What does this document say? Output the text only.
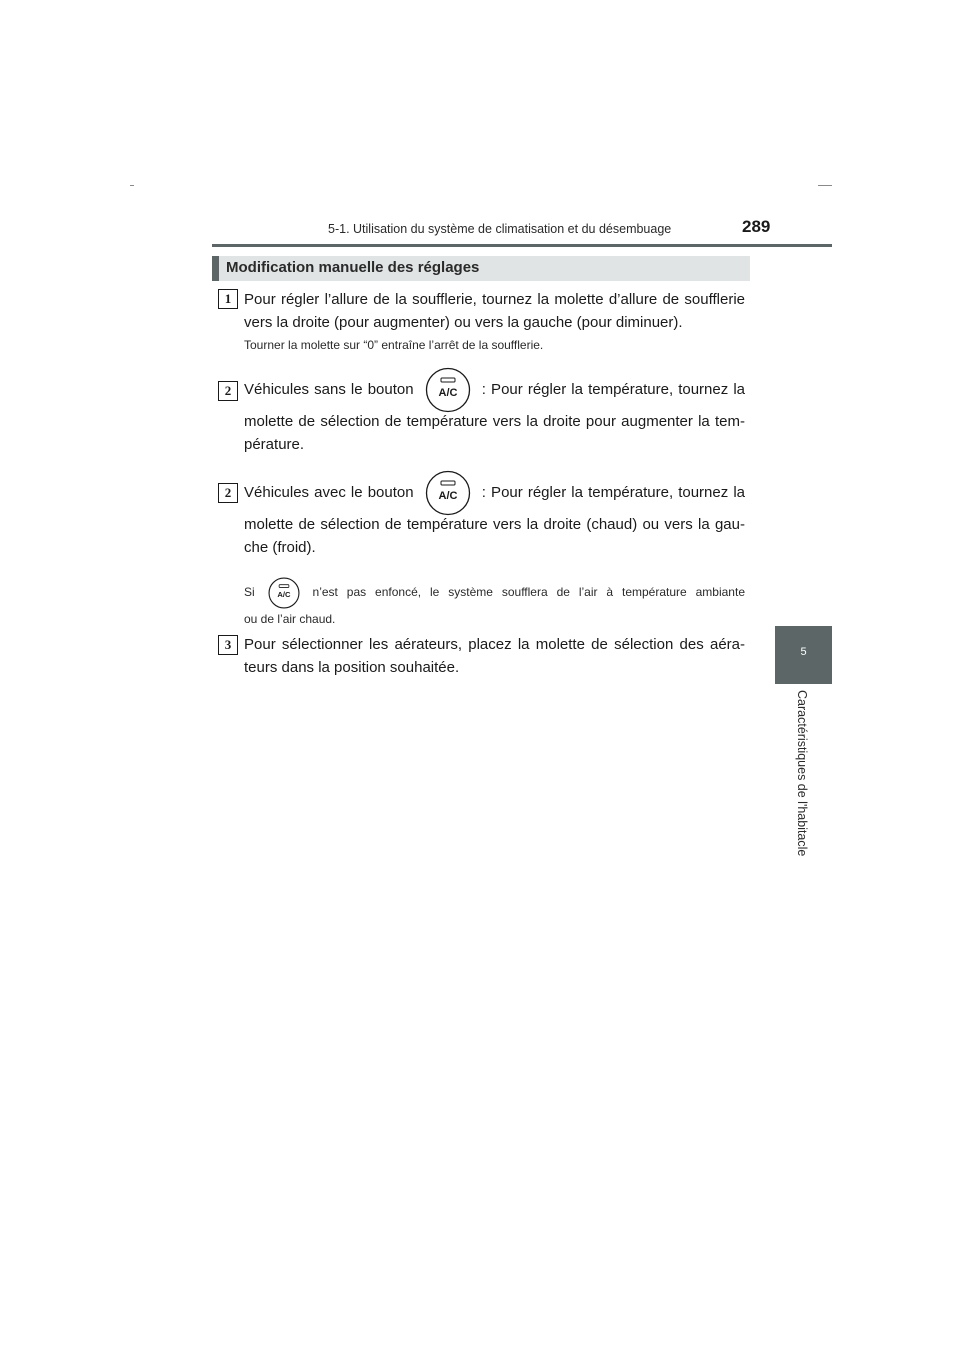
5-1. Utilisation du système de climatisation et du désembuage	289
5
Caractéristiques de l'habitacle
Modification manuelle des réglages
1 Pour régler l’allure de la soufflerie, tournez la molette d’allure de soufflerie
vers la droite (pour augmenter) ou vers la gauche (pour diminuer).
Tourner la molette sur “0” entraîne l’arrêt de la soufflerie.
2 Véhicules sans le bouton A/C : Pour régler la température, tournez la
molette de sélection de température vers la droite pour augmenter la tem-
pérature.
2 Véhicules avec le bouton A/C : Pour régler la température, tournez la
molette de sélection de température vers la droite (chaud) ou vers la gau-
che (froid).
Si A/C n’est pas enfoncé, le système soufflera de l’air à température ambiante
ou de l’air chaud.
3 Pour sélectionner les aérateurs, placez la molette de sélection des aéra-
teurs dans la position souhaitée.
